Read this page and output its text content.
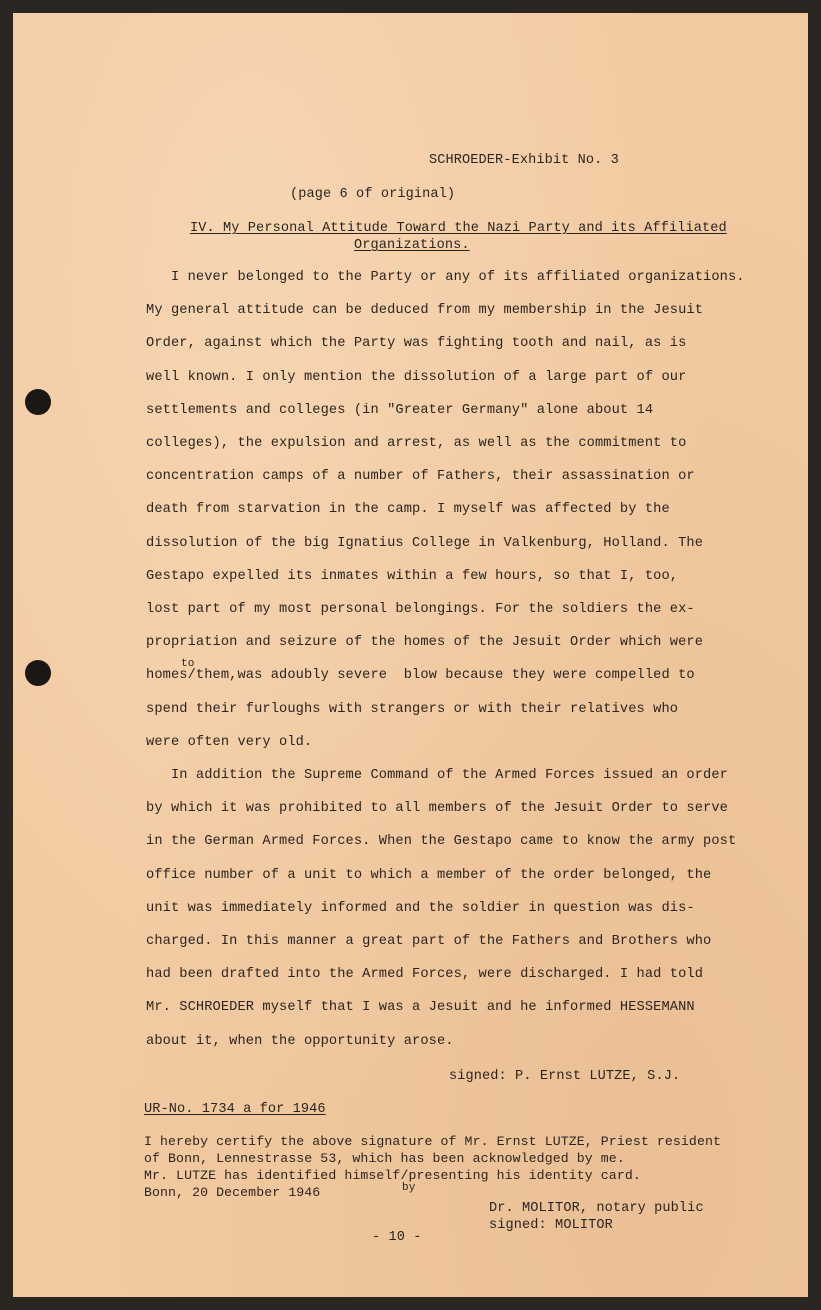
SCHROEDER-Exhibit No. 3
(page 6 of original)
IV. My Personal Attitude Toward the Nazi Party and its Affiliated
Organizations.
I never belonged to the Party or any of its affiliated organizations.
My general attitude can be deduced from my membership in the Jesuit
Order, against which the Party was fighting tooth and nail, as is
well known. I only mention the dissolution of a large part of our
settlements and colleges (in "Greater Germany" alone about 14
colleges), the expulsion and arrest, as well as the commitment to
concentration camps of a number of Fathers, their assassination or
death from starvation in the camp. I myself was affected by the
dissolution of the big Ignatius College in Valkenburg, Holland. The
Gestapo expelled its inmates within a few hours, so that I, too,
lost part of my most personal belongings. For the soldiers the ex-
propriation and seizure of the homes of the Jesuit Order which were
homes/them,was adoubly severe  blow because they were compelled to
spend their furloughs with strangers or with their relatives who
were often very old.
In addition the Supreme Command of the Armed Forces issued an order
by which it was prohibited to all members of the Jesuit Order to serve
in the German Armed Forces. When the Gestapo came to know the army post
office number of a unit to which a member of the order belonged, the
unit was immediately informed and the soldier in question was dis-
charged. In this manner a great part of the Fathers and Brothers who
had been drafted into the Armed Forces, were discharged. I had told
Mr. SCHROEDER myself that I was a Jesuit and he informed HESSEMANN
about it, when the opportunity arose.
to
signed: P. Ernst LUTZE, S.J.
UR-No. 1734 a for 1946
I hereby certify the above signature of Mr. Ernst LUTZE, Priest resident
of Bonn, Lennestrasse 53, which has been acknowledged by me.
Mr. LUTZE has identified himself/presenting his identity card.
Bonn, 20 December 1946	by
Dr. MOLITOR, notary public
signed: MOLITOR
- 10 -
